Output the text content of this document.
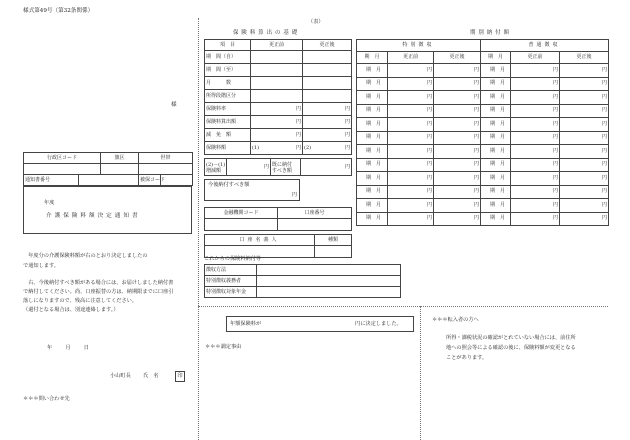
様式第49号（第32条関係）
様
行政区コード		旗区	世帯	

通知書番号			被保コード	
年度
介護保険料額決定通知書
　年度分の介護保険料額が右のとおり決定しましたの
で通知します。
　右、今後納付すべき額がある場合には、お届けしました納付書
で納付してください。尚、口座振替の方は、納期限までに口座引
落しになりますので、残高に注意してください。
（還付となる場合は、別途連絡します。）
年　月　日
小山町長 氏　名	印
＊＊＊問い合わせ先
（表）
保険料算出の基礎
項　目	更正前	更正後
期　間（自）		
期　間（至）		
月　　　数		
所得段階区分		
保険料率	円	円
保険料算出額	円	円
減　免　額	円	円
保険料額	(1) 円	(2) 円
(2)－(1)
増減額
	円	既に納付
すべき額
	円
今後納付すべき額
円
金融機関コード	口座番号

口座名義人	種類

これからの保険料納付等
徴収方法	
特別徴収義務者	
特別徴収対象年金	
年額保険料が	円に決定しました。
＊＊＊調定事由
期別納付額
特別徴収			普通徴収		
期　月	更正前	更正後	期　月	更正前	更正後
期 月	円	円	期 月	円	円
期 月	円	円	期 月	円	円
期 月	円	円	期 月	円	円
期 月	円	円	期 月	円	円
期 月	円	円	期 月	円	円
期 月	円	円	期 月	円	円
期 月	円	円	期 月	円	円
期 月	円	円	期 月	円	円
期 月	円	円	期 月	円	円
期 月	円	円	期 月	円	円
期 月	円	円	期 月	円	円
期 月	円	円	期 月	円	円
＊＊＊転入者の方へ
所得・課税状況の確認がとれていない場合には、前住所
地への照会等による確認の後に、保険料額が変更となる
ことがあります。
